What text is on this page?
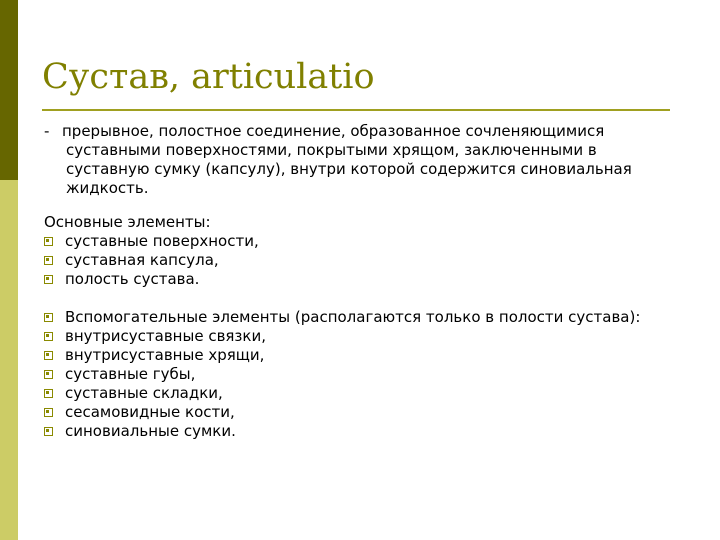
Сустав, articulatio

- прерывное, полостное соединение, образованное сочленяющимися суставными поверхностями, покрытыми хрящом, заключенными в суставную сумку (капсулу), внутри которой содержится синовиальная жидкость.

Основные элементы:

суставные поверхности,
суставная капсула,
полость сустава.
Вспомогательные элементы (располагаются только в полости сустава):
внутрисуставные связки,
внутрисуставные хрящи,
суставные губы,
суставные складки,
сесамовидные кости,
синовиальные сумки.
